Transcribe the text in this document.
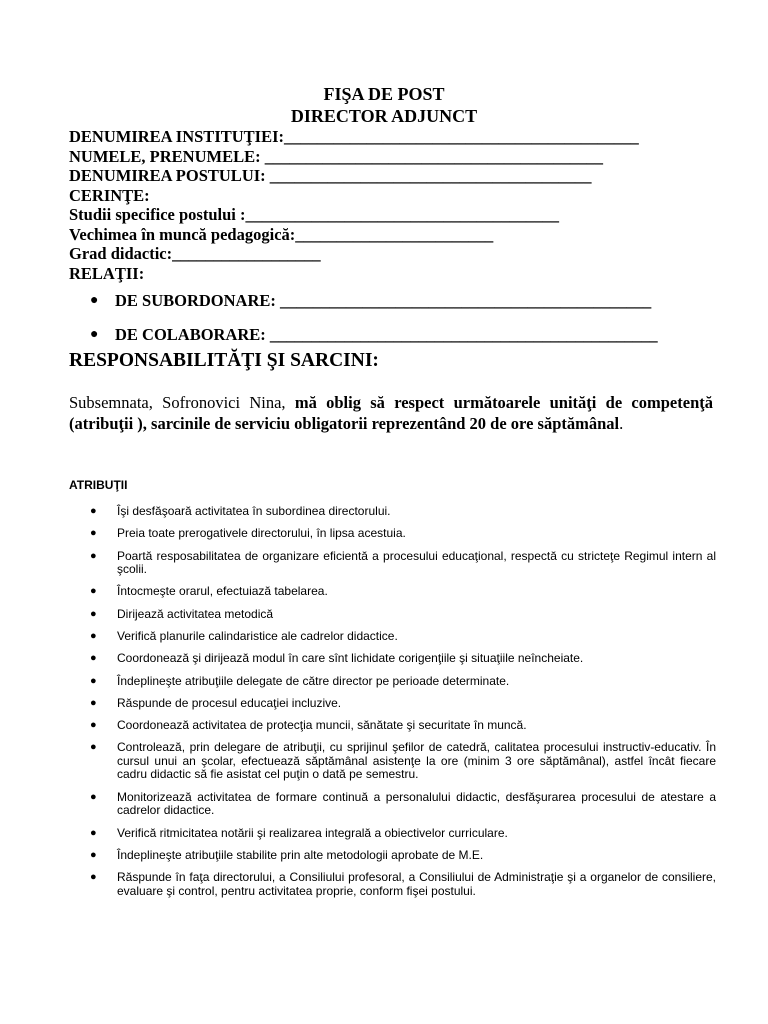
FIŞA DE POST
DIRECTOR ADJUNCT
DENUMIREA INSTITUŢIEI:___________________________________________
NUMELE, PRENUMELE: _________________________________________
DENUMIREA POSTULUI: _______________________________________
CERINŢE:
Studii specifice postului :______________________________________
Vechimea în muncă pedagogică:________________________
Grad didactic:__________________
RELAŢII:
● DE SUBORDONARE: _____________________________________________
● DE COLABORARE: _______________________________________________
RESPONSABILITĂŢI ŞI SARCINI:
Subsemnata, Sofronovici Nina, mă oblig să respect următoarele unităţi de competenţă (atribuţii ), sarcinile de serviciu obligatorii reprezentând 20 de ore săptămânal.
ATRIBUŢII
● Îşi desfăşoară activitatea în subordinea directorului.
● Preia toate prerogativele directorului, în lipsa acestuia.
● Poartă resposabilitatea de organizare eficientă a procesului educaţional, respectă cu stricteţe Regimul intern al şcolii.
● Întocmeşte orarul, efectuiază tabelarea.
● Dirijează activitatea metodică
● Verifică planurile calindaristice ale cadrelor didactice.
● Coordonează şi dirijează modul în care sînt lichidate corigenţiile şi situaţiile neîncheiate.
● Îndeplineşte atribuţiile delegate de către director pe perioade determinate.
● Răspunde de procesul educaţiei incluzive.
● Coordonează activitatea de protecţia muncii, sănătate şi securitate în muncă.
● Controlează, prin delegare de atribuţii, cu sprijinul şefilor de catedră, calitatea procesului instructiv-educativ. În cursul unui an şcolar, efectuează săptămânal asistenţe la ore (minim 3 ore săptămânal), astfel încât fiecare cadru didactic să fie asistat cel puţin o dată pe semestru.
● Monitorizează activitatea de formare continuă a personalului didactic, desfăşurarea procesului de atestare a cadrelor didactice.
● Verifică ritmicitatea notării şi realizarea integrală a obiectivelor curriculare.
● Îndeplineşte atribuţiile stabilite prin alte metodologii aprobate de M.E.
● Răspunde în faţa directorului, a Consiliului profesoral, a Consiliului de Administraţie şi a organelor de consiliere, evaluare şi control, pentru activitatea proprie, conform fişei postului.
